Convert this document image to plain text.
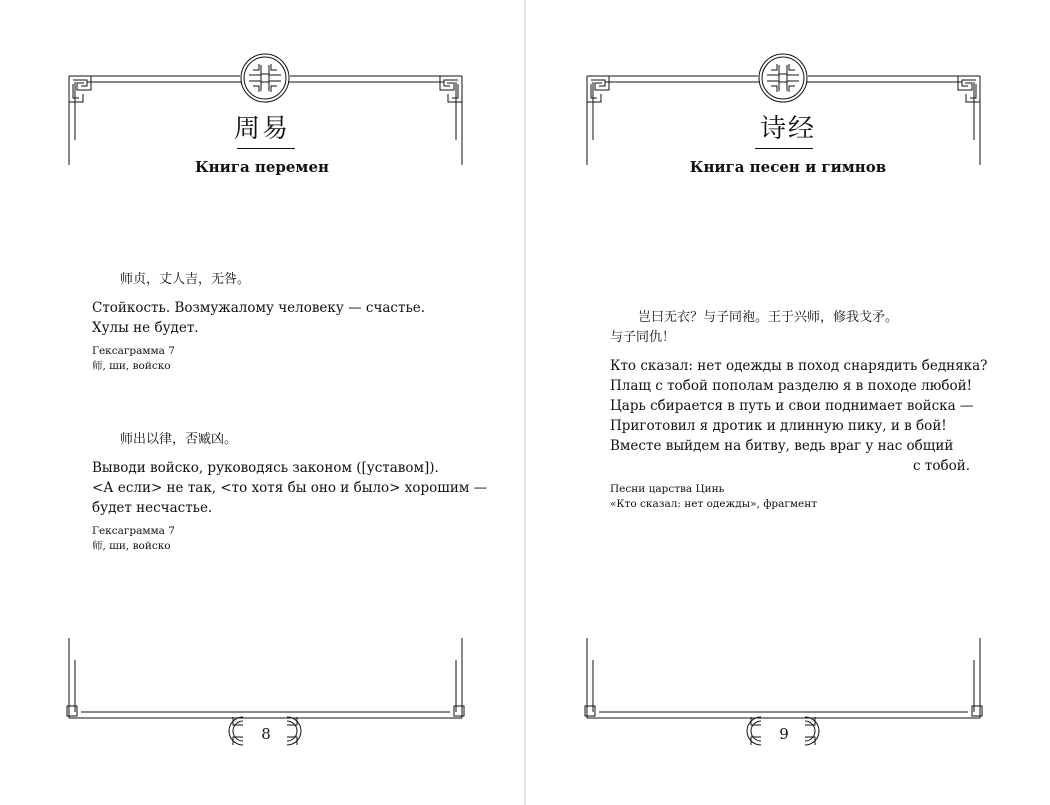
周易
Книга перемен
师贞，丈人吉，无咎。
Стойкость. Возмужалому человеку — счастье.
Хулы не будет.
Гексаграмма 7
师, ши, войско
师出以律，否臧凶。
Выводи войско, руководясь законом ([уставом]).
<А если> не так, <то хотя бы оно и было> хорошим —
будет несчастье.
Гексаграмма 7
师, ши, войско
8
诗经
Книга песен и гимнов
岂曰无衣？与子同袍。王于兴师，修我戈矛。
与子同仇！
Кто сказал: нет одежды в поход снарядить бедняка?
Плащ с тобой пополам разделю я в походе любой!
Царь сбирается в путь и свои поднимает войска —
Приготовил я дротик и длинную пику, и в бой!
Вместе выйдем на битву, ведь враг у нас общий
с тобой.
Песни царства Цинь
«Кто сказал: нет одежды», фрагмент
9
